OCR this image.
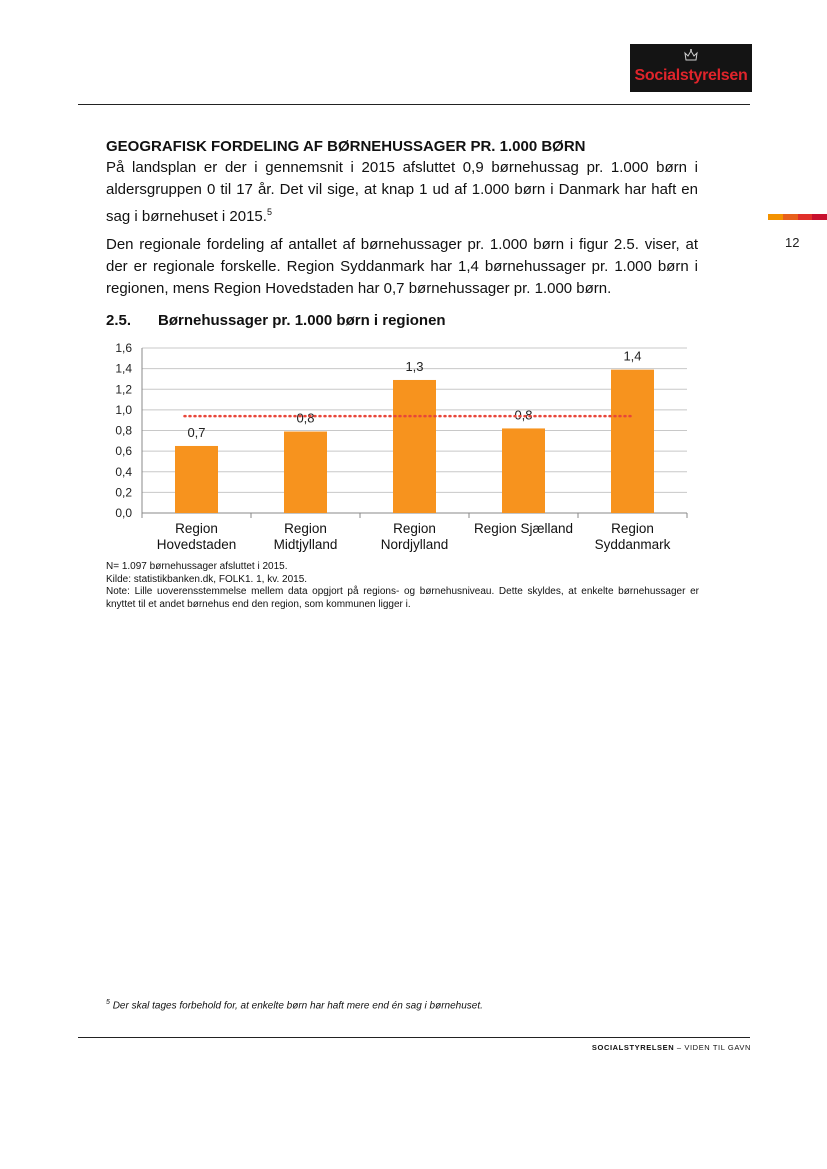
Socialstyrelsen
12
GEOGRAFISK FORDELING AF BØRNEHUSSAGER PR. 1.000 BØRN
På landsplan er der i gennemsnit i 2015 afsluttet 0,9 børnehussag pr. 1.000 børn i aldersgruppen 0 til 17 år. Det vil sige, at knap 1 ud af 1.000 børn i Danmark har haft en sag i børnehuset i 2015.$^5$
Den regionale fordeling af antallet af børnehussager pr. 1.000 børn i figur 2.5. viser, at der er regionale forskelle. Region Syddanmark har 1,4 børnehussager pr. 1.000 børn i regionen, mens Region Hovedstaden har 0,7 børnehussager pr. 1.000 børn.
2.5. Børnehussager pr. 1.000 børn i regionen
0,0
0,2
0,4
0,6
0,8
1,0
1,2
1,4
1,6
0,7
Region
Hovedstaden
0,8
Region
Midtjylland
1,3
Region
Nordjylland
0,8
Region Sjælland
1,4
Region
Syddanmark
N= 1.097 børnehussager afsluttet i 2015.
Kilde: statistikbanken.dk, FOLK1. 1, kv. 2015.
Note: Lille uoverensstemmelse mellem data opgjort på regions- og børnehusniveau. Dette skyldes, at enkelte børnehussager er knyttet til et andet børnehus end den region, som kommunen ligger i.
$^5$ Der skal tages forbehold for, at enkelte børn har haft mere end én sag i børnehuset.
SOCIALSTYRELSEN – VIDEN TIL GAVN
